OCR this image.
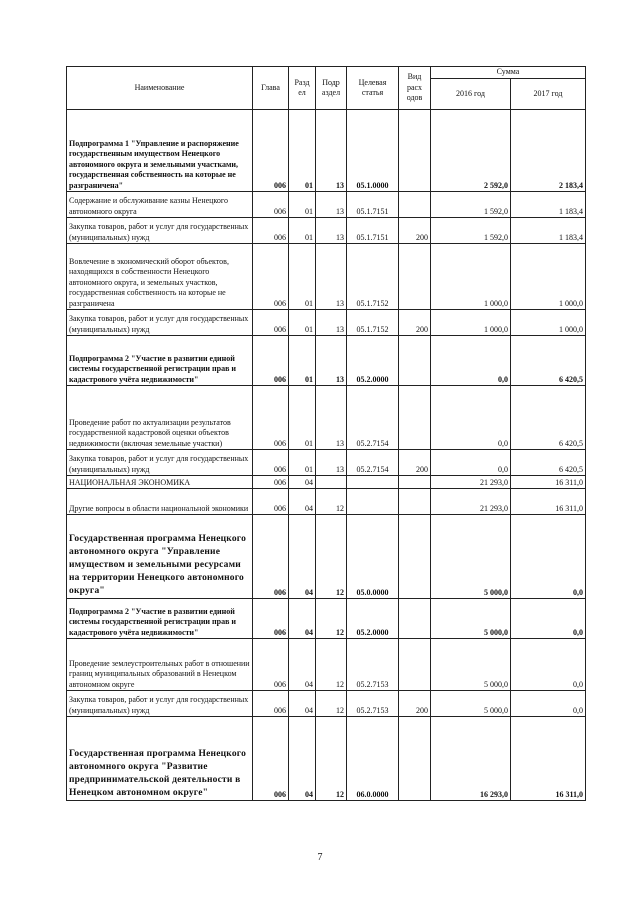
Наименование	Глава	Разд ел	Подр аздел	Целевая статья	Вид расх одов	Сумма	
						2016 год	2017 год
Подпрограмма 1 "Управление и распоряжение государственным имуществом Ненецкого автономного округа и земельными участками, государственная собственность на которые не разграничена"	006	01	13	05.1.0000		2 592,0	2 183,4
Содержание и обслуживание казны Ненецкого автономного округа	006	01	13	05.1.7151		1 592,0	1 183,4
Закупка товаров, работ и услуг для государственных (муниципальных) нужд	006	01	13	05.1.7151	200	1 592,0	1 183,4
Вовлечение в экономический оборот объектов, находящихся в собственности Ненецкого автономного округа, и земельных участков, государственная собственность на которые не разграничена	006	01	13	05.1.7152		1 000,0	1 000,0
Закупка товаров, работ и услуг для государственных (муниципальных) нужд	006	01	13	05.1.7152	200	1 000,0	1 000,0
Подпрограмма 2 "Участие в развитии единой системы государственной регистрации прав и кадастрового учёта недвижимости"	006	01	13	05.2.0000		0,0	6 420,5
Проведение работ по актуализации результатов государственной кадастровой оценки объектов недвижимости (включая земельные участки)	006	01	13	05.2.7154		0,0	6 420,5
Закупка товаров, работ и услуг для государственных (муниципальных) нужд	006	01	13	05.2.7154	200	0,0	6 420,5
НАЦИОНАЛЬНАЯ ЭКОНОМИКА	006	04				21 293,0	16 311,0
Другие вопросы в области национальной экономики	006	04	12			21 293,0	16 311,0
Государственная программа Ненецкого автономного округа "Управление имуществом и земельными ресурсами на территории Ненецкого автономного округа"	006	04	12	05.0.0000		5 000,0	0,0
Подпрограмма 2 "Участие в развитии единой системы государственной регистрации прав и кадастрового учёта недвижимости"	006	04	12	05.2.0000		5 000,0	0,0
Проведение землеустроительных работ в отношении границ муниципальных образований в Ненецком автономном округе	006	04	12	05.2.7153		5 000,0	0,0
Закупка товаров, работ и услуг для государственных (муниципальных) нужд	006	04	12	05.2.7153	200	5 000,0	0,0
Государственная программа Ненецкого автономного округа "Развитие предпринимательской деятельности в Ненецком автономном округе"	006	04	12	06.0.0000		16 293,0	16 311,0
7
